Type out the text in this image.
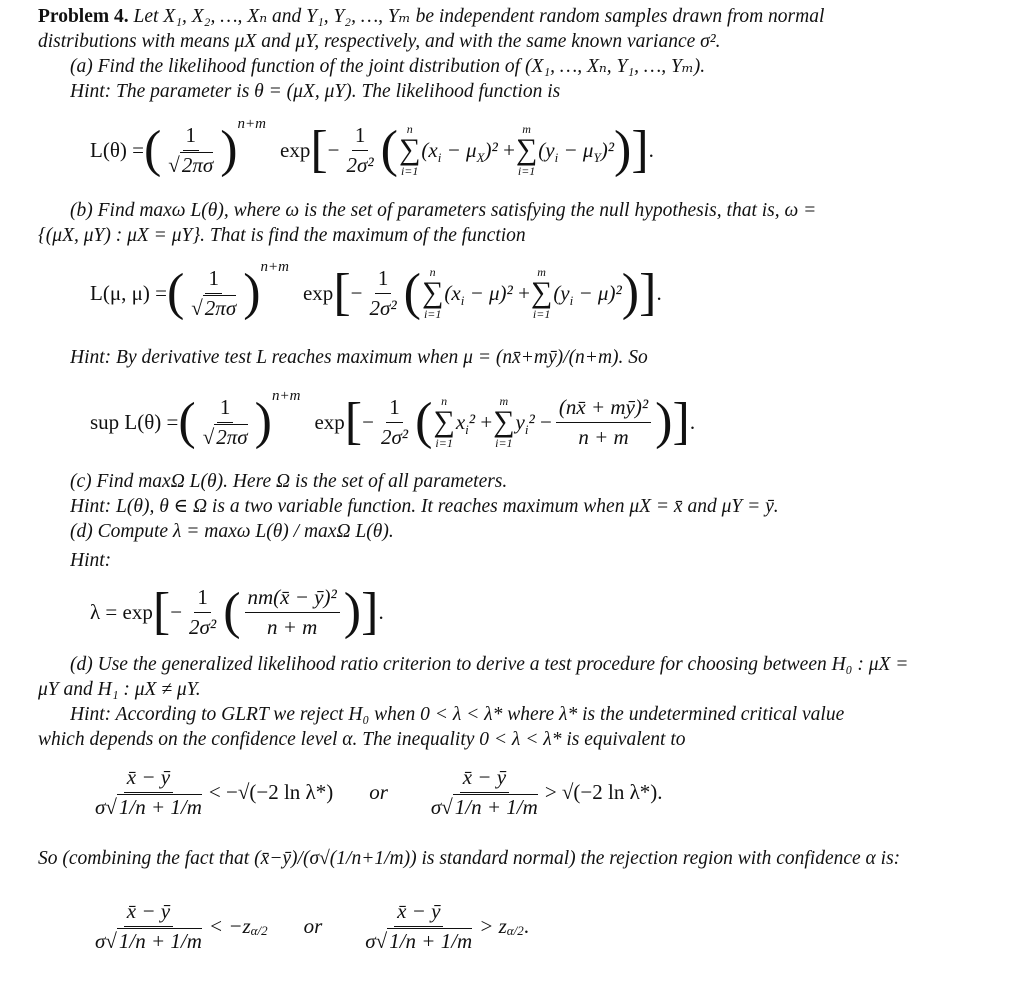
Problem 4. Let X₁, X₂, …, Xₙ and Y₁, Y₂, …, Yₘ be independent random samples drawn from normal
distributions with means μX and μY, respectively, and with the same known variance σ².
(a) Find the likelihood function of the joint distribution of (X₁, …, Xₙ, Y₁, …, Yₘ).
Hint: The parameter is θ = (μX, μY). The likelihood function is
L(θ) = ( $\frac{1}{√2\pi\sigma}$ ) n+m
exp [ − $\frac{1}{\text{2σ²}}$ ( n
∑
i=1
$(x_i - \mu_X)^2$ +
m
∑
i=1
$(y_i - \mu_Y)^2$ ) ] .
(b) Find maxω L(θ), where ω is the set of parameters satisfying the null hypothesis, that is, ω =
{(μX, μY) : μX = μY}. That is find the maximum of the function
L(μ, μ) = ( $\frac{1}{√2\pi\sigma}$ ) n+m
exp [ − $\frac{1}{\text{2σ²}}$ ( n
∑
i=1
$(x_i - \mu)^2$ +
m
∑
i=1
$(y_i - \mu)^2$ ) ] .
Hint: By derivative test L reaches maximum when μ = (nx̄+mȳ)/(n+m). So
sup L(θ) = ( $\frac{1}{√2\pi\sigma}$ ) n+m
exp [ − $\frac{1}{\text{2σ²}}$ ( n
∑
i=1
$x_i^2$ +
m
∑
i=1
$y_i^2 - \frac{\text{(nx̄ + mȳ)²}}{n + m}$ ) ] .
(c) Find maxΩ L(θ). Here Ω is the set of all parameters.
Hint: L(θ), θ ∈ Ω is a two variable function. It reaches maximum when μX = x̄ and μY = ȳ.
(d) Compute λ = maxω L(θ) / maxΩ L(θ).
Hint:
λ = exp [ − $\frac{1}{\text{2σ²}}$ ( $\frac{\text{nm(x̄ − ȳ)²}}{n + m}$ ) ] .
(d) Use the generalized likelihood ratio criterion to derive a test procedure for choosing between H₀ : μX =
μY and H₁ : μX ≠ μY.
Hint: According to GLRT we reject H₀ when 0 < λ < λ* where λ* is the undetermined critical value
which depends on the confidence level α. The inequality 0 < λ < λ* is equivalent to
$\frac{x̄ - ȳ}{\sigma√1/n + 1/m} < -√(-2$ ln λ*) or $\frac{x̄ - ȳ}{\sigma√1/n + 1/m} > √(-2$ ln λ*).
So (combining the fact that (x̄−ȳ)/(σ√(1/n+1/m)) is standard normal) the rejection region with confidence α is:
$\frac{x̄ - ȳ}{\sigma√1/n + 1/m} < -z$ α/2 or $\frac{x̄ - ȳ}{\sigma√1/n + 1/m} > z$ α/2 .
